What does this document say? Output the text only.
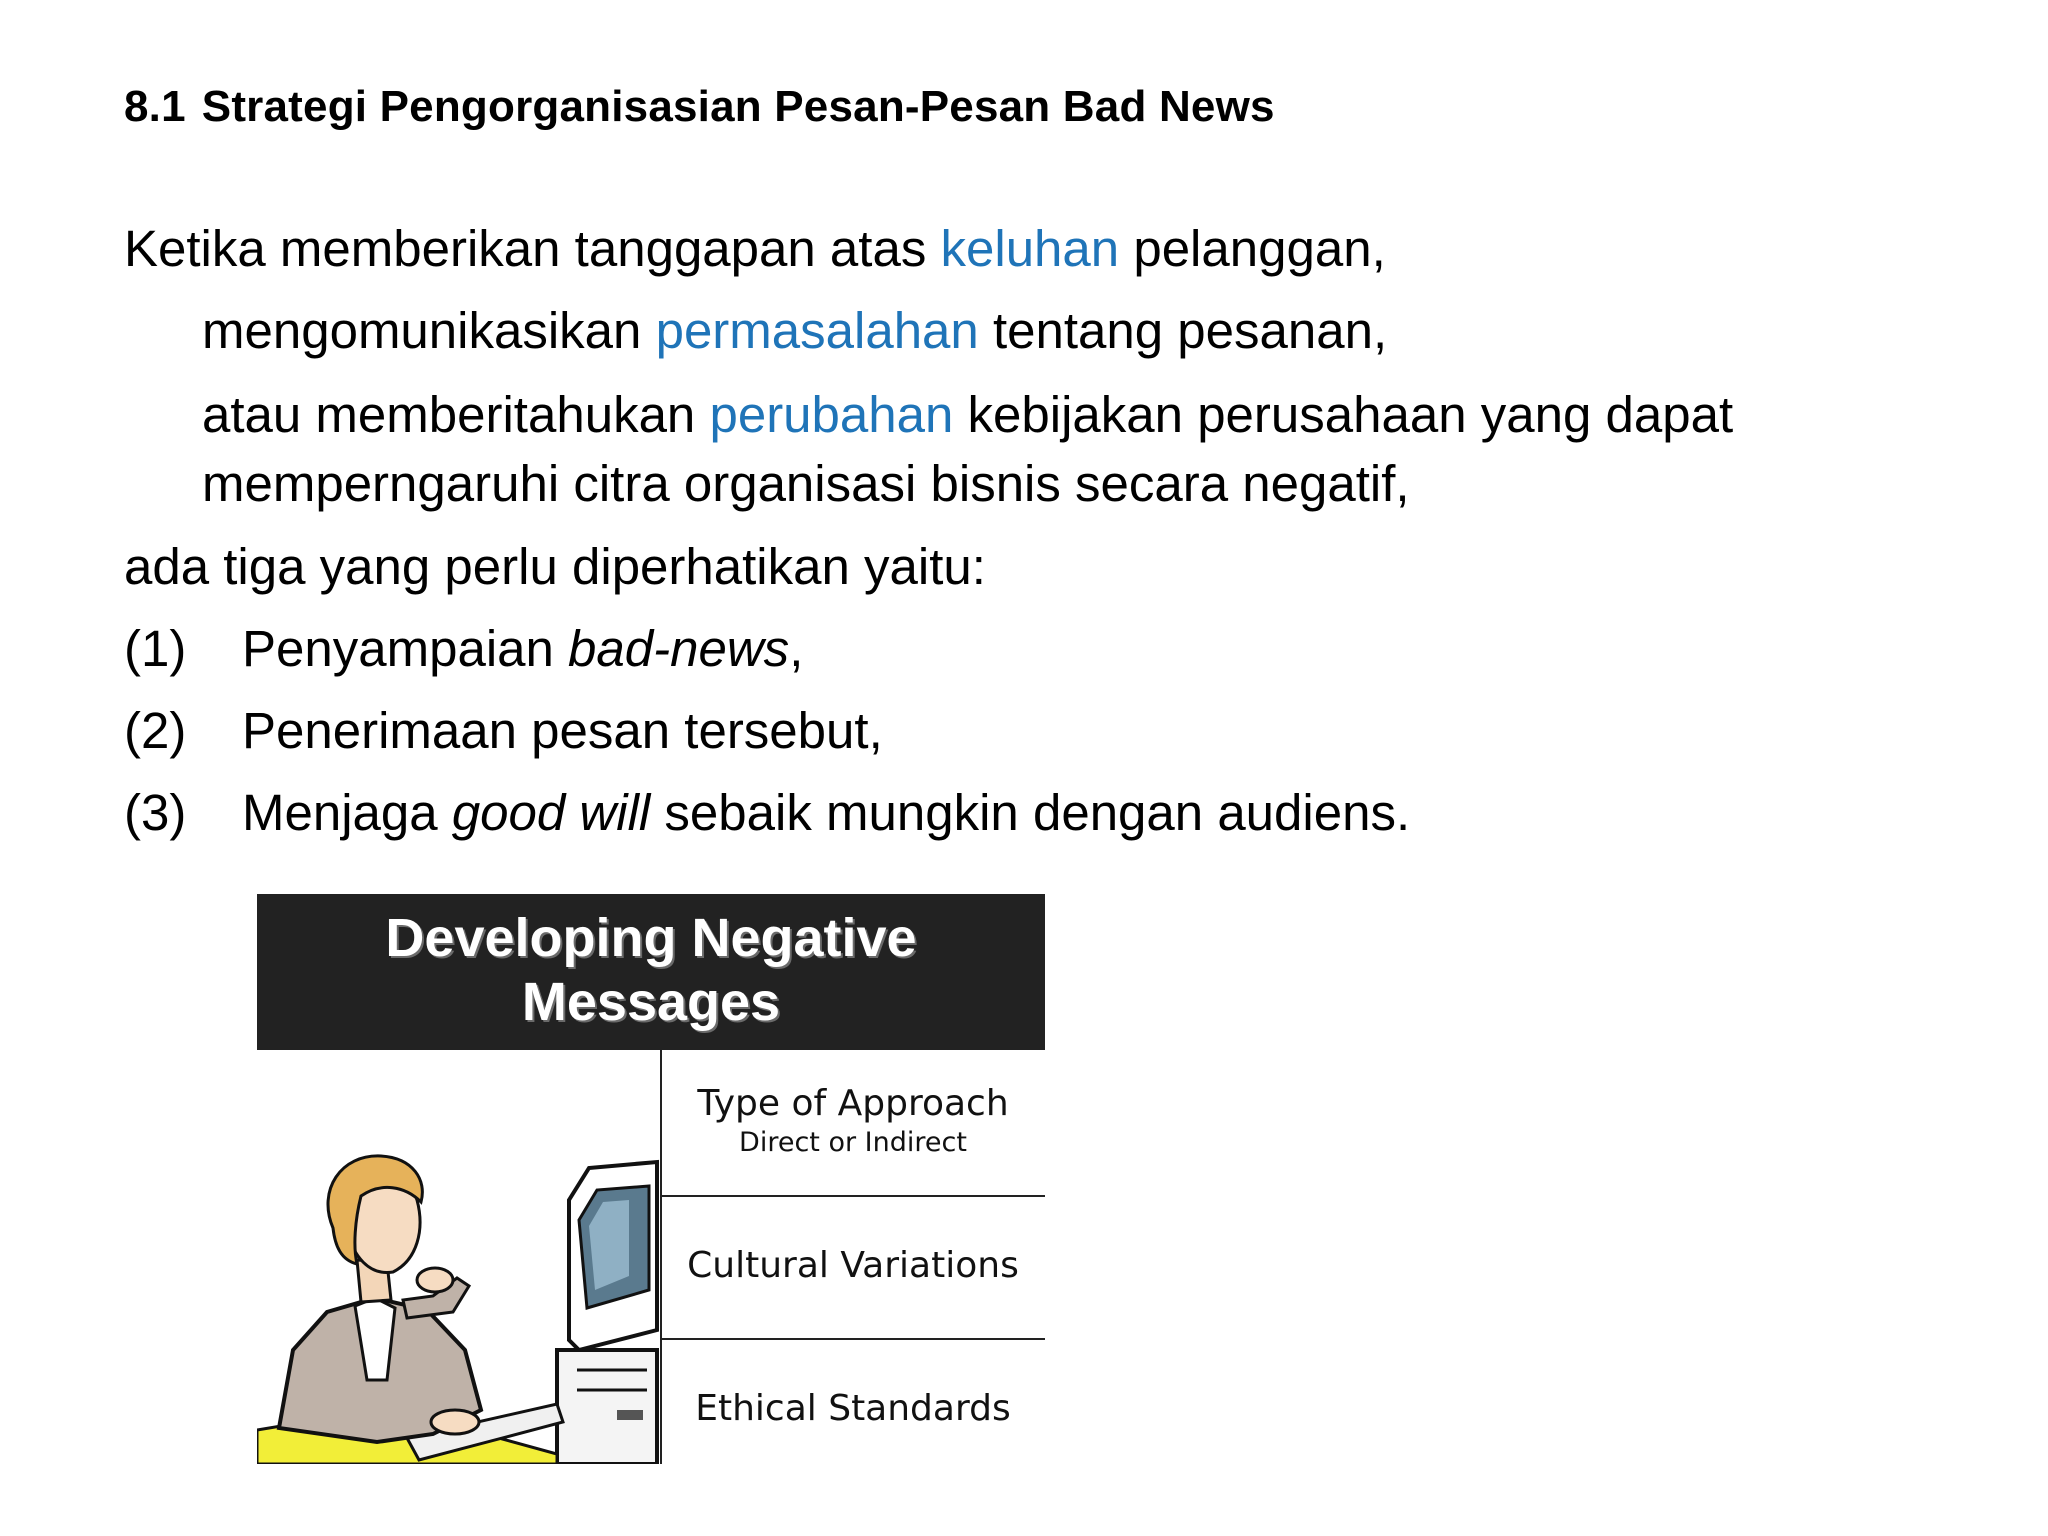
8.1 Strategi Pengorganisasian Pesan-Pesan Bad News
Ketika memberikan tanggapan atas keluhan pelanggan,
mengomunikasikan permasalahan tentang pesanan,
atau memberitahukan perubahan kebijakan perusahaan yang dapat
memperngaruhi citra organisasi bisnis secara negatif,
ada tiga yang perlu diperhatikan yaitu:
(1) Penyampaian bad-news,
(2) Penerimaan pesan tersebut,
(3) Menjaga good will sebaik mungkin dengan audiens.
Developing Negative
Messages
Type of Approach
Direct or Indirect
Cultural Variations
Ethical Standards
